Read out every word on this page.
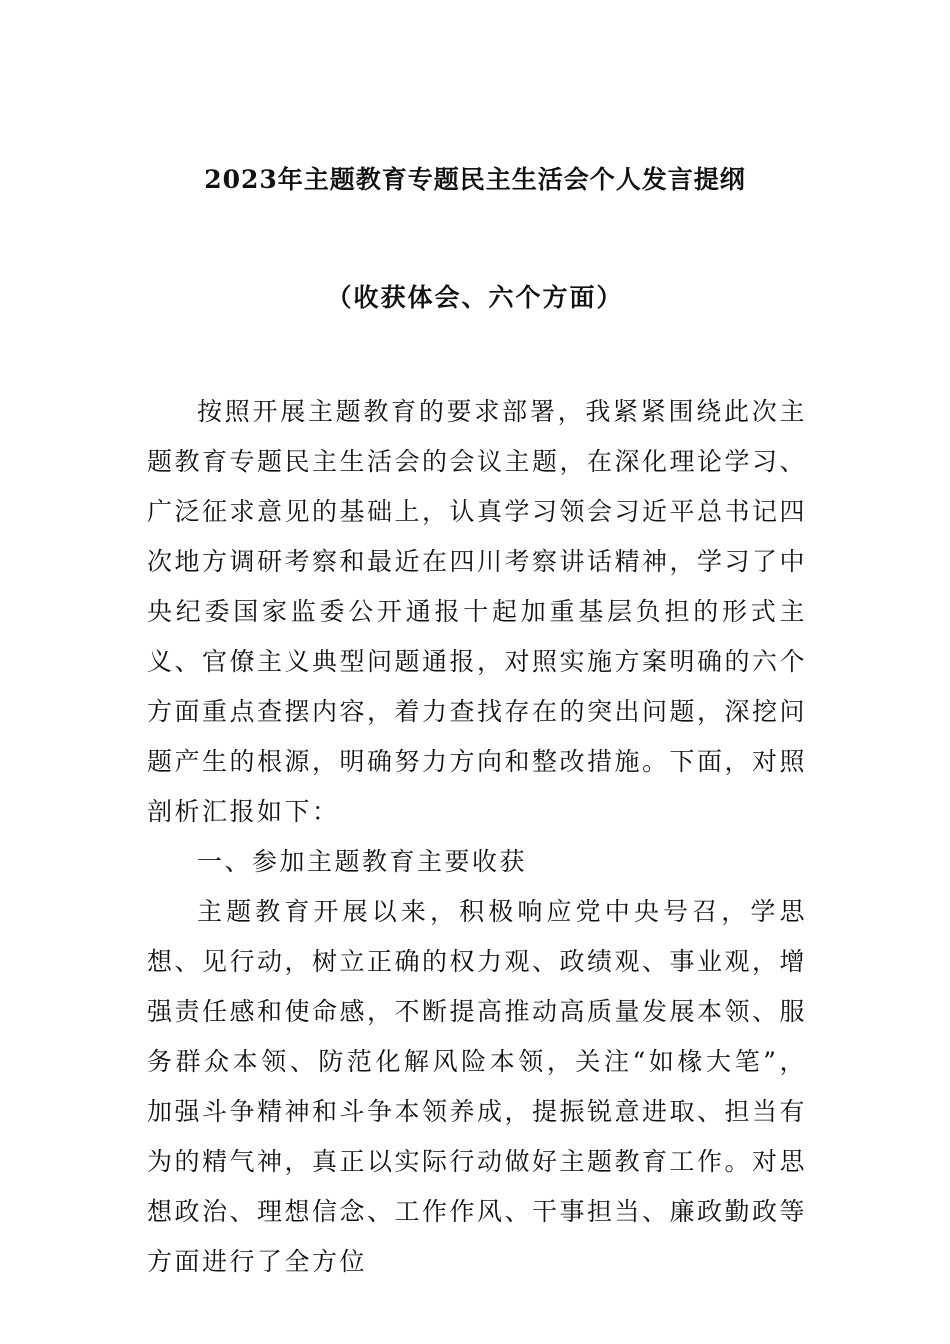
2023年主题教育专题民主生活会个人发言提纲
（收获体会、六个方面）

按照开展主题教育的要求部署，我紧紧围绕此次主题教育专题民主生活会的会议主题，在深化理论学习、广泛征求意见的基础上，认真学习领会习近平总书记四次地方调研考察和最近在四川考察讲话精神，学习了中央纪委国家监委公开通报十起加重基层负担的形式主义、官僚主义典型问题通报，对照实施方案明确的六个方面重点查摆内容，着力查找存在的突出问题，深挖问题产生的根源，明确努力方向和整改措施。下面，对照剖析汇报如下：

一、参加主题教育主要收获

主题教育开展以来，积极响应党中央号召，学思想、见行动，树立正确的权力观、政绩观、事业观，增强责任感和使命感，不断提高推动高质量发展本领、服务群众本领、防范化解风险本领，关注“如椽大笔”，加强斗争精神和斗争本领养成，提振锐意进取、担当有为的精气神，真正以实际行动做好主题教育工作。对思想政治、理想信念、工作作风、干事担当、廉政勤政等方面进行了全方位
